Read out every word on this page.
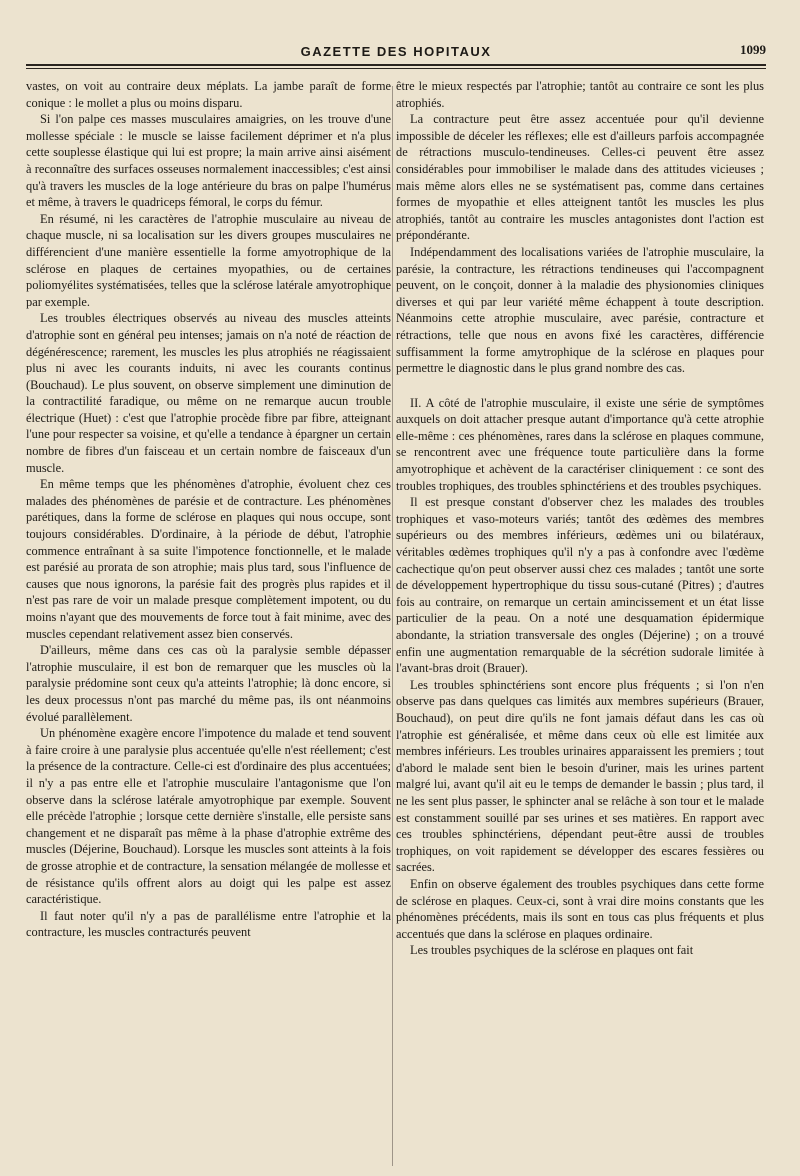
GAZETTE DES HOPITAUX	1099

vastes, on voit au contraire deux méplats. La jambe paraît de forme conique : le mollet a plus ou moins disparu.

Si l'on palpe ces masses musculaires amaigries, on les trouve d'une mollesse spéciale : le muscle se laisse facilement déprimer et n'a plus cette souplesse élastique qui lui est propre; la main arrive ainsi aisément à reconnaître des surfaces osseuses normalement inaccessibles; c'est ainsi qu'à travers les muscles de la loge antérieure du bras on palpe l'humérus et même, à travers le quadriceps fémoral, le corps du fémur.

En résumé, ni les caractères de l'atrophie musculaire au niveau de chaque muscle, ni sa localisation sur les divers groupes musculaires ne différencient d'une manière essentielle la forme amyotrophique de la sclérose en plaques de certaines myopathies, ou de certaines poliomyélites systématisées, telles que la sclérose latérale amyotrophique par exemple.

Les troubles électriques observés au niveau des muscles atteints d'atrophie sont en général peu intenses; jamais on n'a noté de réaction de dégénérescence; rarement, les muscles les plus atrophiés ne réagissaient plus ni avec les courants induits, ni avec les courants continus (Bouchaud). Le plus souvent, on observe simplement une diminution de la contractilité faradique, ou même on ne remarque aucun trouble électrique (Huet) : c'est que l'atrophie procède fibre par fibre, atteignant l'une pour respecter sa voisine, et qu'elle a tendance à épargner un certain nombre de fibres d'un faisceau et un certain nombre de faisceaux d'un muscle.

En même temps que les phénomènes d'atrophie, évoluent chez ces malades des phénomènes de parésie et de contracture. Les phénomènes parétiques, dans la forme de sclérose en plaques qui nous occupe, sont toujours considérables. D'ordinaire, à la période de début, l'atrophie commence entraînant à sa suite l'impotence fonctionnelle, et le malade est parésié au prorata de son atrophie; mais plus tard, sous l'influence de causes que nous ignorons, la parésie fait des progrès plus rapides et il n'est pas rare de voir un malade presque complètement impotent, ou du moins n'ayant que des mouvements de force tout à fait minime, avec des muscles cependant relativement assez bien conservés.

D'ailleurs, même dans ces cas où la paralysie semble dépasser l'atrophie musculaire, il est bon de remarquer que les muscles où la paralysie prédomine sont ceux qu'a atteints l'atrophie; là donc encore, si les deux processus n'ont pas marché du même pas, ils ont néanmoins évolué parallèlement.

Un phénomène exagère encore l'impotence du malade et tend souvent à faire croire à une paralysie plus accentuée qu'elle n'est réellement; c'est la présence de la contracture. Celle-ci est d'ordinaire des plus accentuées; il n'y a pas entre elle et l'atrophie musculaire l'antagonisme que l'on observe dans la sclérose latérale amyotrophique par exemple. Souvent elle précède l'atrophie ; lorsque cette dernière s'installe, elle persiste sans changement et ne disparaît pas même à la phase d'atrophie extrême des muscles (Déjerine, Bouchaud). Lorsque les muscles sont atteints à la fois de grosse atrophie et de contracture, la sensation mélangée de mollesse et de résistance qu'ils offrent alors au doigt qui les palpe est assez caractéristique.

Il faut noter qu'il n'y a pas de parallélisme entre l'atrophie et la contracture, les muscles contracturés peuvent

être le mieux respectés par l'atrophie; tantôt au contraire ce sont les plus atrophiés.

La contracture peut être assez accentuée pour qu'il devienne impossible de déceler les réflexes; elle est d'ailleurs parfois accompagnée de rétractions musculo-tendineuses. Celles-ci peuvent être assez considérables pour immobiliser le malade dans des attitudes vicieuses ; mais même alors elles ne se systématisent pas, comme dans certaines formes de myopathie et elles atteignent tantôt les muscles les plus atrophiés, tantôt au contraire les muscles antagonistes dont l'action est prépondérante.

Indépendamment des localisations variées de l'atrophie musculaire, la parésie, la contracture, les rétractions tendineuses qui l'accompagnent peuvent, on le conçoit, donner à la maladie des physionomies cliniques diverses et qui par leur variété même échappent à toute description. Néanmoins cette atrophie musculaire, avec parésie, contracture et rétractions, telle que nous en avons fixé les caractères, différencie suffisamment la forme amytrophique de la sclérose en plaques pour permettre le diagnostic dans le plus grand nombre des cas.

II. A côté de l'atrophie musculaire, il existe une série de symptômes auxquels on doit attacher presque autant d'importance qu'à cette atrophie elle-même : ces phénomènes, rares dans la sclérose en plaques commune, se rencontrent avec une fréquence toute particulière dans la forme amyotrophique et achèvent de la caractériser cliniquement : ce sont des troubles trophiques, des troubles sphinctériens et des troubles psychiques.

Il est presque constant d'observer chez les malades des troubles trophiques et vaso-moteurs variés; tantôt des œdèmes des membres supérieurs ou des membres inférieurs, œdèmes uni ou bilatéraux, véritables œdèmes trophiques qu'il n'y a pas à confondre avec l'œdème cachectique qu'on peut observer aussi chez ces malades ; tantôt une sorte de développement hypertrophique du tissu sous-cutané (Pitres) ; d'autres fois au contraire, on remarque un certain amincissement et un état lisse particulier de la peau. On a noté une desquamation épidermique abondante, la striation transversale des ongles (Déjerine) ; on a trouvé enfin une augmentation remarquable de la sécrétion sudorale limitée à l'avant-bras droit (Brauer).

Les troubles sphinctériens sont encore plus fréquents ; si l'on n'en observe pas dans quelques cas limités aux membres supérieurs (Brauer, Bouchaud), on peut dire qu'ils ne font jamais défaut dans les cas où l'atrophie est généralisée, et même dans ceux où elle est limitée aux membres inférieurs. Les troubles urinaires apparaissent les premiers ; tout d'abord le malade sent bien le besoin d'uriner, mais les urines partent malgré lui, avant qu'il ait eu le temps de demander le bassin ; plus tard, il ne les sent plus passer, le sphincter anal se relâche à son tour et le malade est constamment souillé par ses urines et ses matières. En rapport avec ces troubles sphinctériens, dépendant peut-être aussi de troubles trophiques, on voit rapidement se développer des escares fessières ou sacrées.

Enfin on observe également des troubles psychiques dans cette forme de sclérose en plaques. Ceux-ci, sont à vrai dire moins constants que les phénomènes précédents, mais ils sont en tous cas plus fréquents et plus accentués que dans la sclérose en plaques ordinaire.

Les troubles psychiques de la sclérose en plaques ont fait
